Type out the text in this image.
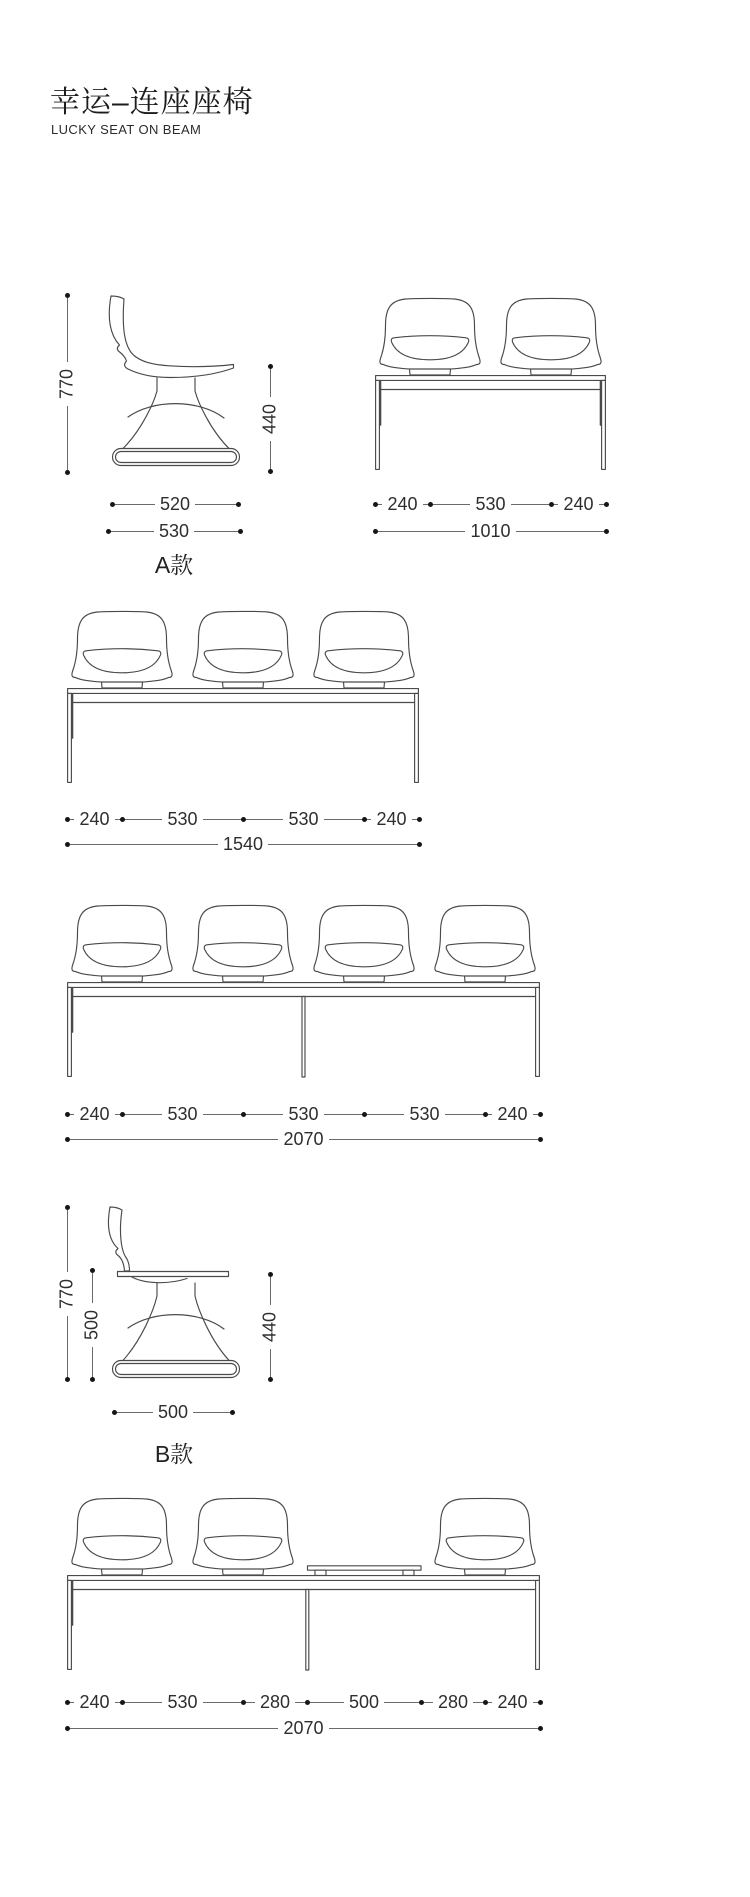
幸运–连座座椅
LUCKY SEAT ON BEAM
770
440
520
530
A款
240	530	240
1010
240	530	530	240
1540
240	530	530	530	240
2070
770
500	440
500
B款
240	530	280	500	280 240
2070
